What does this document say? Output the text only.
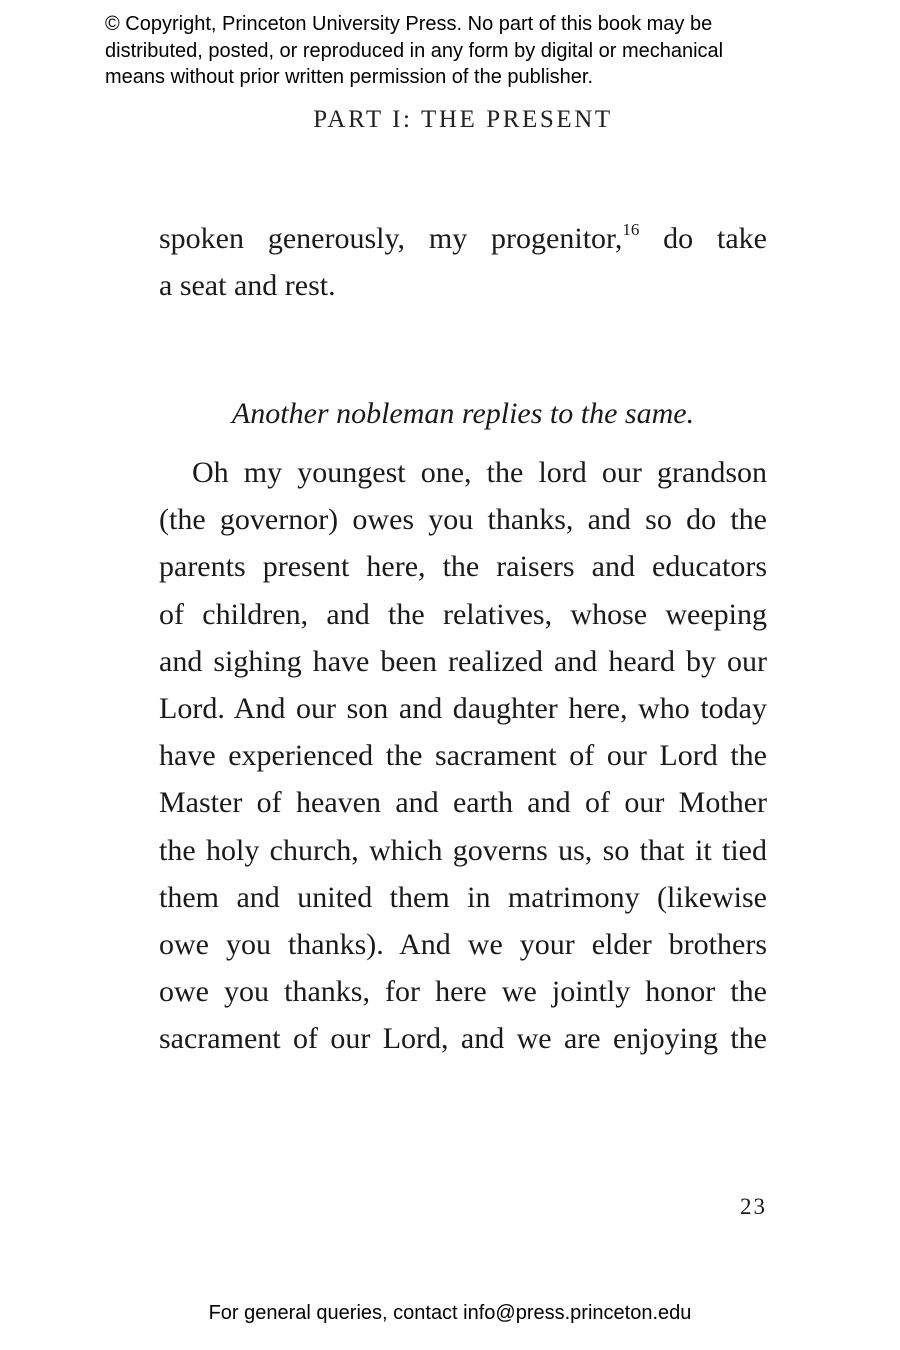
© Copyright, Princeton University Press. No part of this book may be
distributed, posted, or reproduced in any form by digital or mechanical
means without prior written permission of the publisher.
PART I: THE PRESENT
spoken generously, my progenitor,$^{16}$ do take
a seat and rest.
Another nobleman replies to the same.
Oh my youngest one, the lord our grandson
(the governor) owes you thanks, and so do the
parents present here, the raisers and educators
of children, and the relatives, whose weeping
and sighing have been realized and heard by our
Lord. And our son and daughter here, who today
have experienced the sacrament of our Lord the
Master of heaven and earth and of our Mother
the holy church, which governs us, so that it tied
them and united them in matrimony (likewise
owe you thanks). And we your elder brothers
owe you thanks, for here we jointly honor the
sacrament of our Lord, and we are enjoying the
23
For general queries, contact info@press.princeton.edu
